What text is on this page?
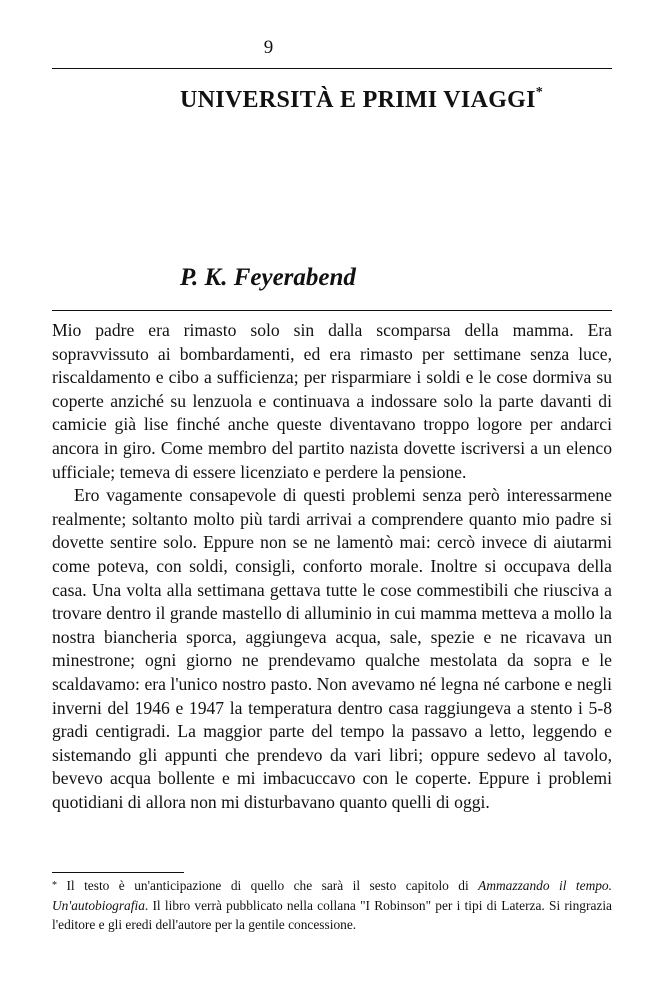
9
UNIVERSITÀ E PRIMI VIAGGI*
P. K. Feyerabend

Mio padre era rimasto solo sin dalla scomparsa della mamma. Era sopravvissuto ai bombardamenti, ed era rimasto per settimane senza luce, riscaldamento e cibo a sufficienza; per risparmiare i soldi e le cose dormiva su coperte anziché su lenzuola e continuava a indossare solo la parte davanti di camicie già lise finché anche queste diventavano troppo logore per andarci ancora in giro. Come membro del partito nazista dovette iscriversi a un elenco ufficiale; temeva di essere licenziato e perdere la pensione.

Ero vagamente consapevole di questi problemi senza però interessarmene realmente; soltanto molto più tardi arrivai a comprendere quanto mio padre si dovette sentire solo. Eppure non se ne lamentò mai: cercò invece di aiutarmi come poteva, con soldi, consigli, conforto morale. Inoltre si occupava della casa. Una volta alla settimana gettava tutte le cose commestibili che riusciva a trovare dentro il grande mastello di alluminio in cui mamma metteva a mollo la nostra biancheria sporca, aggiungeva acqua, sale, spezie e ne ricavava un minestrone; ogni giorno ne prendevamo qualche mestolata da sopra e le scaldavamo: era l'unico nostro pasto. Non avevamo né legna né carbone e negli inverni del 1946 e 1947 la temperatura dentro casa raggiungeva a stento i 5-8 gradi centigradi. La maggior parte del tempo la passavo a letto, leggendo e sistemando gli appunti che prendevo da vari libri; oppure sedevo al tavolo, bevevo acqua bollente e mi imbacuccavo con le coperte. Eppure i problemi quotidiani di allora non mi disturbavano quanto quelli di oggi.

* Il testo è un'anticipazione di quello che sarà il sesto capitolo di Ammazzando il tempo. Un'autobiografia. Il libro verrà pubblicato nella collana "I Robinson" per i tipi di Laterza. Si ringrazia l'editore e gli eredi dell'autore per la gentile concessione.
